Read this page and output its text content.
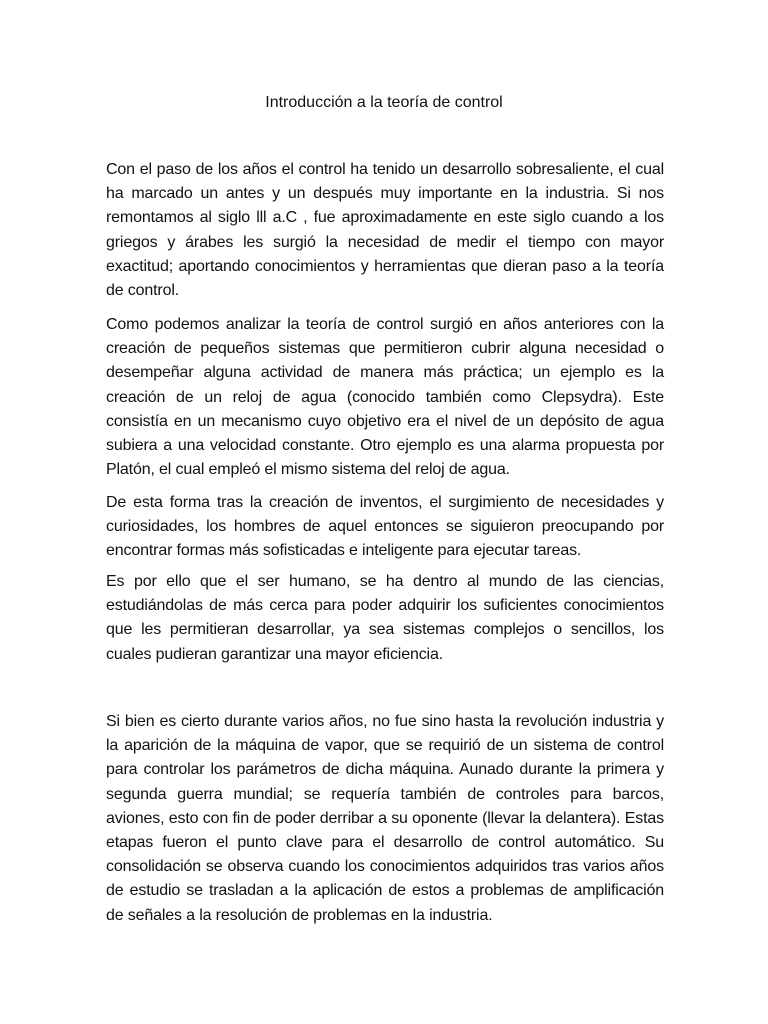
Introducción a la teoría de control

Con el paso de los años el control ha tenido un desarrollo sobresaliente, el cual ha marcado un antes y un después muy importante en la industria. Si nos remontamos al siglo lll a.C , fue aproximadamente en este siglo cuando a los griegos y árabes les surgió la necesidad de medir el tiempo con mayor exactitud; aportando conocimientos y herramientas que dieran paso a la teoría de control.

Como podemos analizar la teoría de control surgió en años anteriores con la creación de pequeños sistemas que permitieron cubrir alguna necesidad o desempeñar alguna actividad de manera más práctica; un ejemplo es la creación de un reloj de agua (conocido también como Clepsydra). Este consistía en un mecanismo cuyo objetivo era el nivel de un depósito de agua subiera a una velocidad constante. Otro ejemplo es una alarma propuesta por Platón, el cual empleó el mismo sistema del reloj de agua.

De esta forma tras la creación de inventos, el surgimiento de necesidades y curiosidades, los hombres de aquel entonces se siguieron preocupando por encontrar formas más sofisticadas e inteligente para ejecutar tareas.

Es por ello que el ser humano, se ha dentro al mundo de las ciencias, estudiándolas de más cerca para poder adquirir los suficientes conocimientos que les permitieran desarrollar, ya sea sistemas complejos o sencillos, los cuales pudieran garantizar una mayor eficiencia.

Si bien es cierto durante varios años, no fue sino hasta la revolución industria y la aparición de la máquina de vapor, que se requirió de un sistema de control para controlar los parámetros de dicha máquina. Aunado durante la primera y segunda guerra mundial; se requería también de controles para barcos, aviones, esto con fin de poder derribar a su oponente (llevar la delantera). Estas etapas fueron el punto clave para el desarrollo de control automático. Su consolidación se observa cuando los conocimientos adquiridos tras varios años de estudio se trasladan a la aplicación de estos a problemas de amplificación de señales a la resolución de problemas en la industria.
